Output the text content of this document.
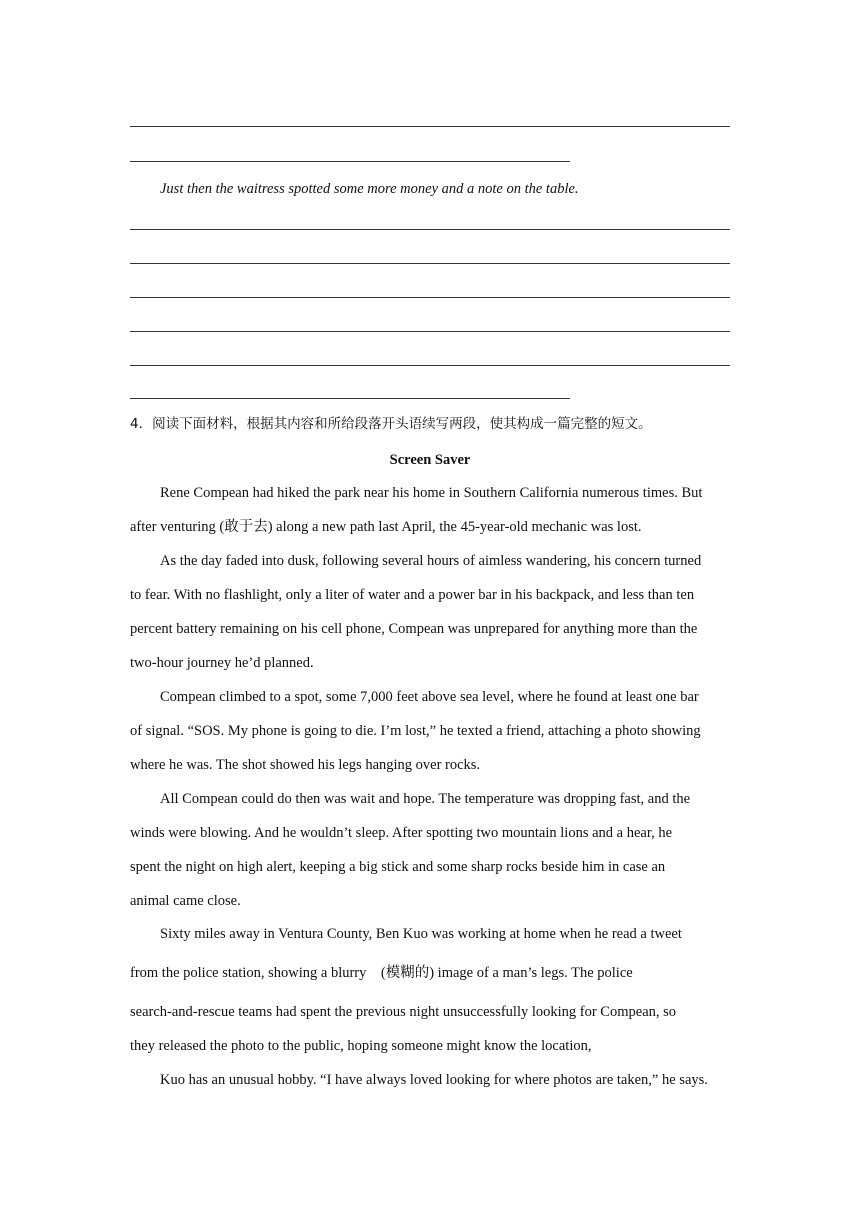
Just then the waitress spotted some more money and a note on the table.
4．阅读下面材料，根据其内容和所给段落开头语续写两段，使其构成一篇完整的短文。
Screen Saver
Rene Compean had hiked the park near his home in Southern California numerous times. But
after venturing (敢于去) along a new path last April, the 45-year-old mechanic was lost.
As the day faded into dusk, following several hours of aimless wandering, his concern turned
to fear. With no flashlight, only a liter of water and a power bar in his backpack, and less than ten
percent battery remaining on his cell phone, Compean was unprepared for anything more than the
two-hour journey he’d planned.
Compean climbed to a spot, some 7,000 feet above sea level, where he found at least one bar
of signal. “SOS. My phone is going to die. I’m lost,” he texted a friend, attaching a photo showing
where he was. The shot showed his legs hanging over rocks.
All Compean could do then was wait and hope. The temperature was dropping fast, and the
winds were blowing. And he wouldn’t sleep. After spotting two mountain lions and a hear, he
spent the night on high alert, keeping a big stick and some sharp rocks beside him in case an
animal came close.
Sixty miles away in Ventura County, Ben Kuo was working at home when he read a tweet
from the police station, showing a blurry　(模糊的) image of a man’s legs. The police
search-and-rescue teams had spent the previous night unsuccessfully looking for Compean, so
they released the photo to the public, hoping someone might know the location,
Kuo has an unusual hobby. “I have always loved looking for where photos are taken,” he says.
